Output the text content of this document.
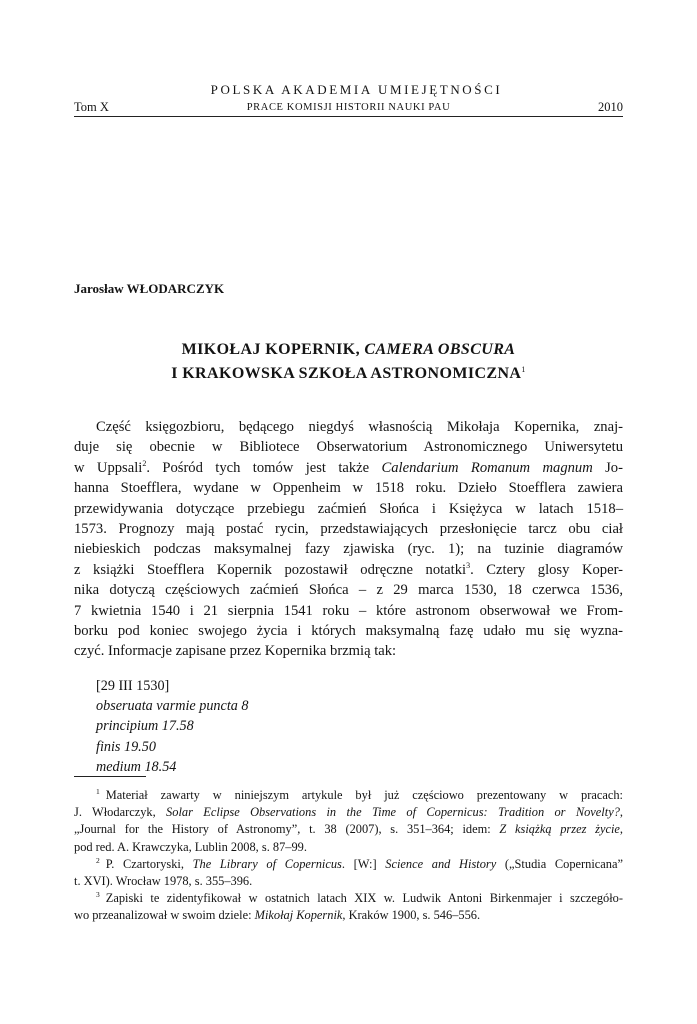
POLSKA AKADEMIA UMIEJĘTNOŚCI
Tom X	PRACE KOMISJI HISTORII NAUKI PAU	2010
Jarosław WŁODARCZYK
MIKOŁAJ KOPERNIK, CAMERA OBSCURA
I KRAKOWSKA SZKOŁA ASTRONOMICZNA$^1$
Część księgozbioru, będącego niegdyś własnością Mikołaja Kopernika, znaj-
duje się obecnie w Bibliotece Obserwatorium Astronomicznego Uniwersytetu
w Uppsali$^2$. Pośród tych tomów jest także Calendarium Romanum magnum Jo-
hanna Stoefflera, wydane w Oppenheim w 1518 roku. Dzieło Stoefflera zawiera
przewidywania dotyczące przebiegu zaćmień Słońca i Księżyca w latach 1518–
1573. Prognozy mają postać rycin, przedstawiających przesłonięcie tarcz obu ciał
niebieskich podczas maksymalnej fazy zjawiska (ryc. 1); na tuzinie diagramów
z książki Stoefflera Kopernik pozostawił odręczne notatki$^3$. Cztery glosy Koper-
nika dotyczą częściowych zaćmień Słońca – z 29 marca 1530, 18 czerwca 1536,
7 kwietnia 1540 i 21 sierpnia 1541 roku – które astronom obserwował we From-
borku pod koniec swojego życia i których maksymalną fazę udało mu się wyzna-
czyć. Informacje zapisane przez Kopernika brzmią tak:
[29 III 1530]
obseruata varmie puncta 8
principium 17.58
finis 19.50
medium 18.54
$^1$ Materiał zawarty w niniejszym artykule był już częściowo prezentowany w pracach:
J. Włodarczyk, Solar Eclipse Observations in the Time of Copernicus: Tradition or Novelty?,
„Journal for the History of Astronomy”, t. 38 (2007), s. 351–364; idem: Z książką przez życie,
pod red. A. Krawczyka, Lublin 2008, s. 87–99.
$^2$ P. Czartoryski, The Library of Copernicus. [W:] Science and History („Studia Copernicana”
t. XVI). Wrocław 1978, s. 355–396.
$^3$ Zapiski te zidentyfikował w ostatnich latach XIX w. Ludwik Antoni Birkenmajer i szczegóło-
wo przeanalizował w swoim dziele: Mikołaj Kopernik, Kraków 1900, s. 546–556.
